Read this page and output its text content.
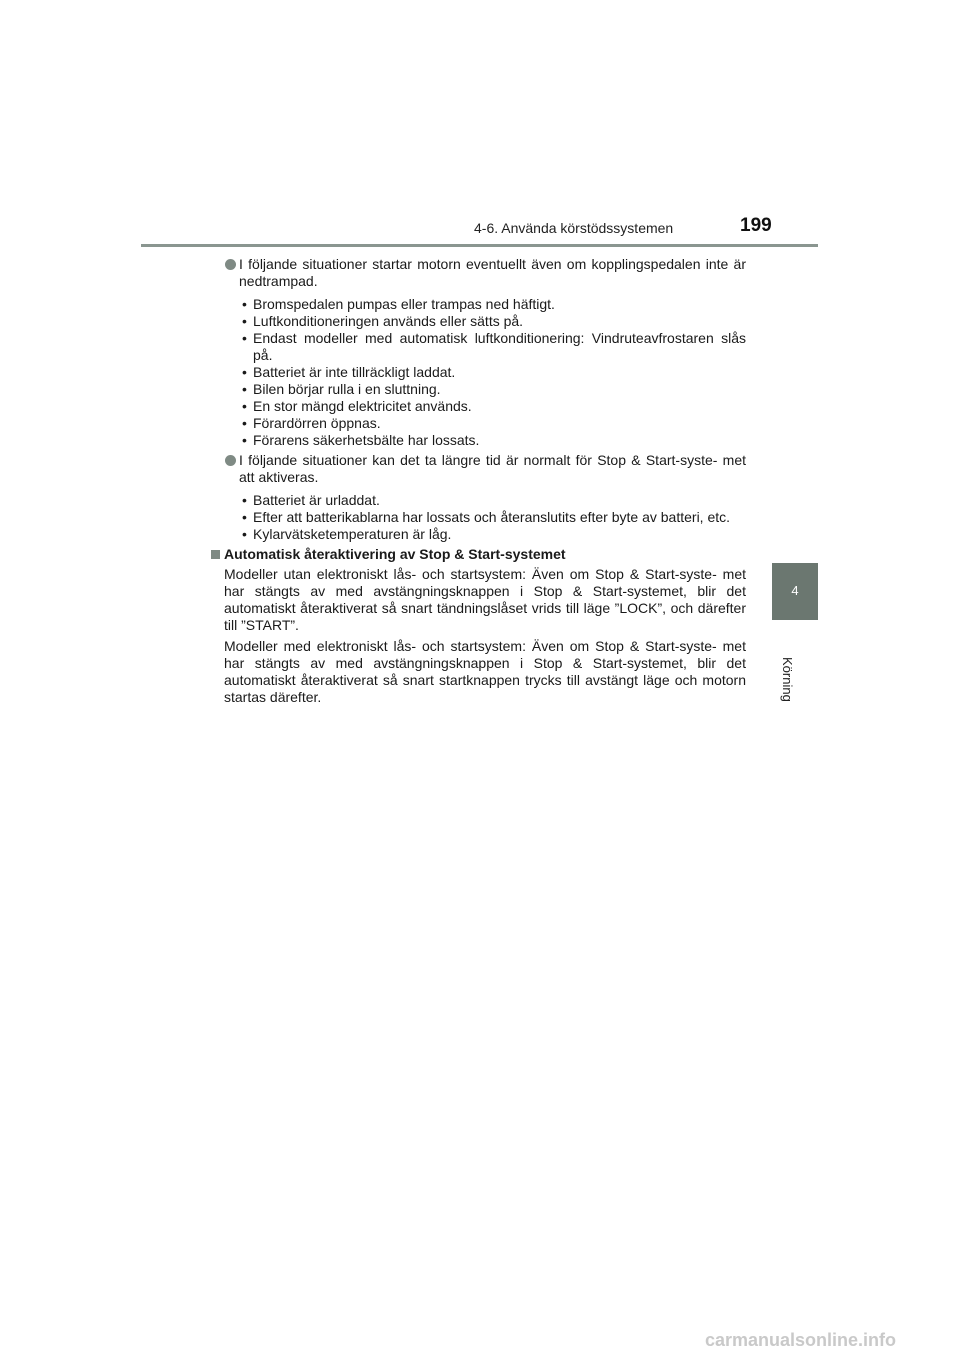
4-6. Använda körstödssystemen	199
4
Körning

I följande situationer startar motorn eventuellt även om kopplingspedalen inte är nedtrampad.

• Bromspedalen pumpas eller trampas ned häftigt.
• Luftkonditioneringen används eller sätts på.
• Endast modeller med automatisk luftkonditionering: Vindruteavfrostaren slås på.
• Batteriet är inte tillräckligt laddat.
• Bilen börjar rulla i en sluttning.
• En stor mängd elektricitet används.
• Förardörren öppnas.
• Förarens säkerhetsbälte har lossats.

I följande situationer kan det ta längre tid är normalt för Stop & Start-syste- met att aktiveras.

• Batteriet är urladdat.
• Efter att batterikablarna har lossats och återanslutits efter byte av batteri, etc.
• Kylarvätsketemperaturen är låg.
Automatisk återaktivering av Stop & Start-systemet

Modeller utan elektroniskt lås- och startsystem: Även om Stop & Start-syste- met har stängts av med avstängningsknappen i Stop & Start-systemet, blir det automatiskt återaktiverat så snart tändningslåset vrids till läge ”LOCK”, och därefter till ”START”.

Modeller med elektroniskt lås- och startsystem: Även om Stop & Start-syste- met har stängts av med avstängningsknappen i Stop & Start-systemet, blir det automatiskt återaktiverat så snart startknappen trycks till avstängt läge och motorn startas därefter.

carmanualsonline.info
